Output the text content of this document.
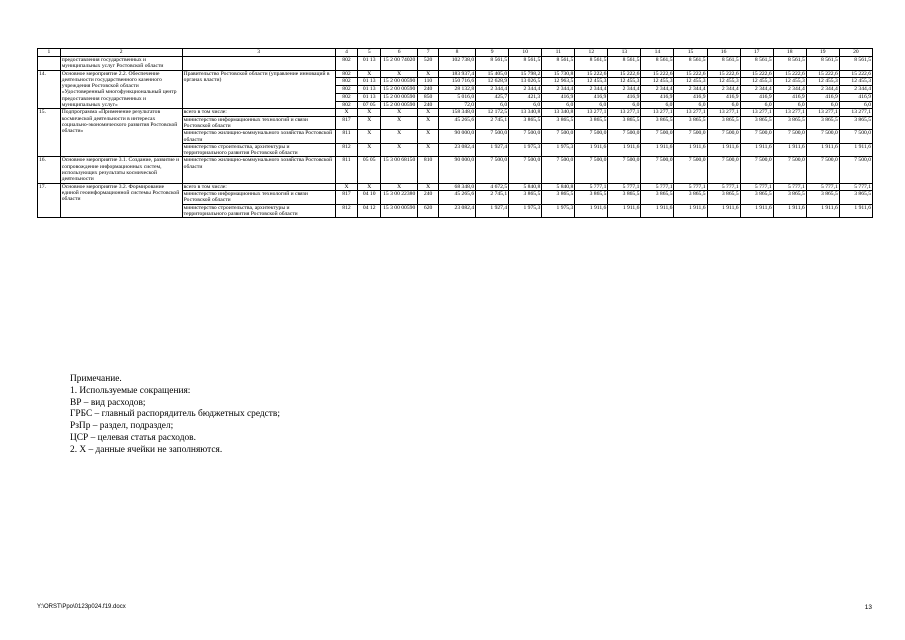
1	2	3	4	5	6	7	8	9	10	11	12	13	14	15	16	17	18	19	20
	предоставления государственных и муниципальных услуг Ростовской области		802	01 13	15 2 00 74020	520	102 738,0	8 561,5	8 561,5	8 561,5	8 561,5	8 561,5	8 561,5	8 561,5	8 561,5	8 561,5	8 561,5	8 561,5	8 561,5
14.	Основное мероприятие 2.2. Обеспечение деятельности государственного казенного учреждения Ростовской области «Удостоверенный многофункциональный центр предоставления государственных и муниципальных услуг»	Правительство Ростовской области (управление инноваций в органах власти)	802	X	X	X	183 937,4	15 405,0	15 798,2	15 730,8	15 222,6	15 222,6	15 222,6	15 222,6	15 222,6	15 222,6	15 222,6	15 222,6	15 222,6
			802	01 13	15 2 00 00590	110	150 716,6	12 628,9	13 026,5	12 963,5	12 455,3	12 455,3	12 455,3	12 455,3	12 455,3	12 455,3	12 455,3	12 455,3	12 455,3
			802	01 13	15 2 00 00590	240	28 132,8	2 344,4	2 344,4	2 344,4	2 344,4	2 344,4	2 344,4	2 344,4	2 344,4	2 344,4	2 344,4	2 344,4	2 344,4
			802	01 13	15 2 00 00590	850	5 016,0	425,7	421,3	416,9	416,9	416,9	416,9	416,9	416,9	416,9	416,9	416,9	416,9
			802	07 05	15 2 00 00590	240	72,0	6,0	6,0	6,0	6,0	6,0	6,0	6,0	6,0	6,0	6,0	6,0	6,0
15.	Подпрограмма «Применение результатов космической деятельности в интересах социально-экономического развития Ростовской области»	всего в том числе:	X	X	X	X	158 348,0	12 172,5	13 340,8	13 340,8	13 277,1	13 277,1	13 277,1	13 277,1	13 277,1	13 277,1	13 277,1	13 277,1	13 277,1
		министерство информационных технологий и связи Ростовской области	817	X	X	X	45 265,6	2 745,1	3 865,5	3 865,5	3 865,5	3 865,5	3 865,5	3 865,5	3 865,5	3 865,5	3 865,5	3 865,5	3 865,5
		министерство жилищно-коммунального хозяйства Ростовской области	811	X	X	X	90 000,0	7 500,0	7 500,0	7 500,0	7 500,0	7 500,0	7 500,0	7 500,0	7 500,0	7 500,0	7 500,0	7 500,0	7 500,0
		министерство строительства, архитектуры и территориального развития Ростовской области	812	X	X	X	23 082,4	1 927,4	1 975,3	1 975,3	1 911,6	1 911,6	1 911,6	1 911,6	1 911,6	1 911,6	1 911,6	1 911,6	1 911,6
16.	Основное мероприятие 3.1. Создание, развитие и сопровождение информационных систем, использующих результаты космической деятельности	министерство жилищно-коммунального хозяйства Ростовской области	811	05 05	15 3 00 68150	810	90 000,0	7 500,0	7 500,0	7 500,0	7 500,0	7 500,0	7 500,0	7 500,0	7 500,0	7 500,0	7 500,0	7 500,0	7 500,0
17.	Основное мероприятие 3.2. Формирование единой геоинформационной системы Ростовской области	всего в том числе:	X	X	X	X	68 348,0	4 672,5	5 840,8	5 840,8	5 777,1	5 777,1	5 777,1	5 777,1	5 777,1	5 777,1	5 777,1	5 777,1	5 777,1
		министерство информационных технологий и связи Ростовской области	817	04 10	15 3 00 22380	240	45 265,6	2 745,1	3 865,5	3 865,5	3 865,5	3 865,5	3 865,5	3 865,5	3 865,5	3 865,5	3 865,5	3 865,5	3 865,5
		министерство строительства, архитектуры и территориального развития Ростовской области	812	04 12	15 3 00 00590	620	23 082,4	1 927,4	1 975,3	1 975,3	1 911,6	1 911,6	1 911,6	1 911,6	1 911,6	1 911,6	1 911,6	1 911,6	1 911,6
Примечание.
1. Используемые сокращения:
ВР – вид расходов;
ГРБС – главный распорядитель бюджетных средств;
РзПр – раздел, подраздел;
ЦСР – целевая статья расходов.
2. X – данные ячейки не заполняются.
Y:\ORST\Ppo\0123p024.f19.docx	13
